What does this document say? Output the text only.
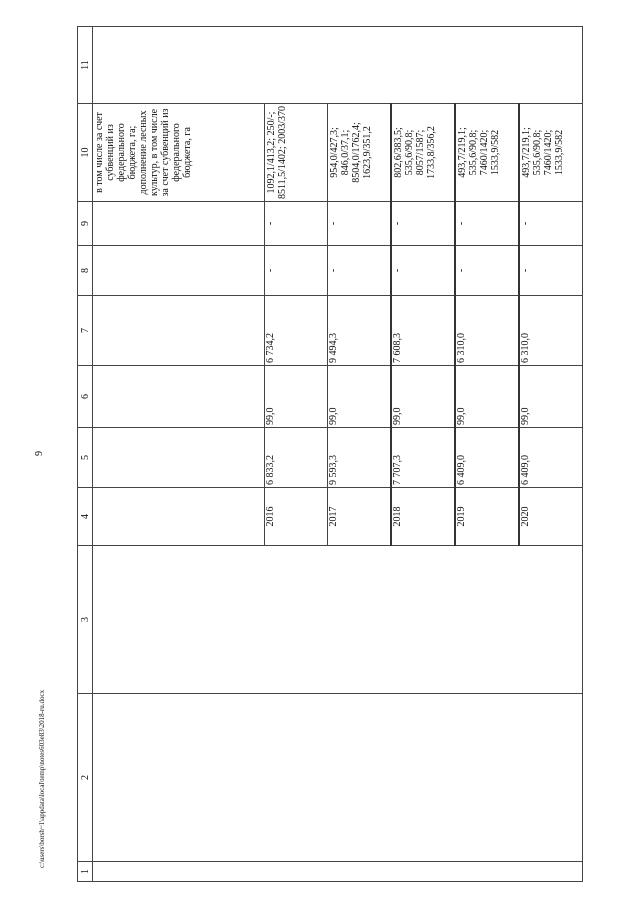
9
c:\users\borsh~1\appdata\local\temp\notes603e83\2018-ru.docx
1	2	3	4	5	6	7	8	9	10	11
									в том числе за счет субвенций из федерального бюджета, га; дополнение лесных культур, в том числе за счет субвенций из федерального бюджета, га	
			2016	6 833,2	99,0	6 734,2	-	-	1092,1/413,2; 250/-; 8511,5/1402; 2003/370	
			2017	9 593,3	99,0	9 494,3	-	-	954,0/427,3; 846,0/37,1; 8504,0/1762,4; 1623,9/351,2	
			2018	7 707,3	99,0	7 608,3	-	-	802,6/383,5; 535,6/90,8; 8057/1587; 1733,8/356,2	
			2019	6 409,0	99,0	6 310,0	-	-	493,7/219,1; 535,6/90,8; 7460/1420; 1533,9/582	
			2020	6 409,0	99,0	6 310,0	-	-	493,7/219,1; 535,6/90,8; 7460/1420; 1533,9/582	
